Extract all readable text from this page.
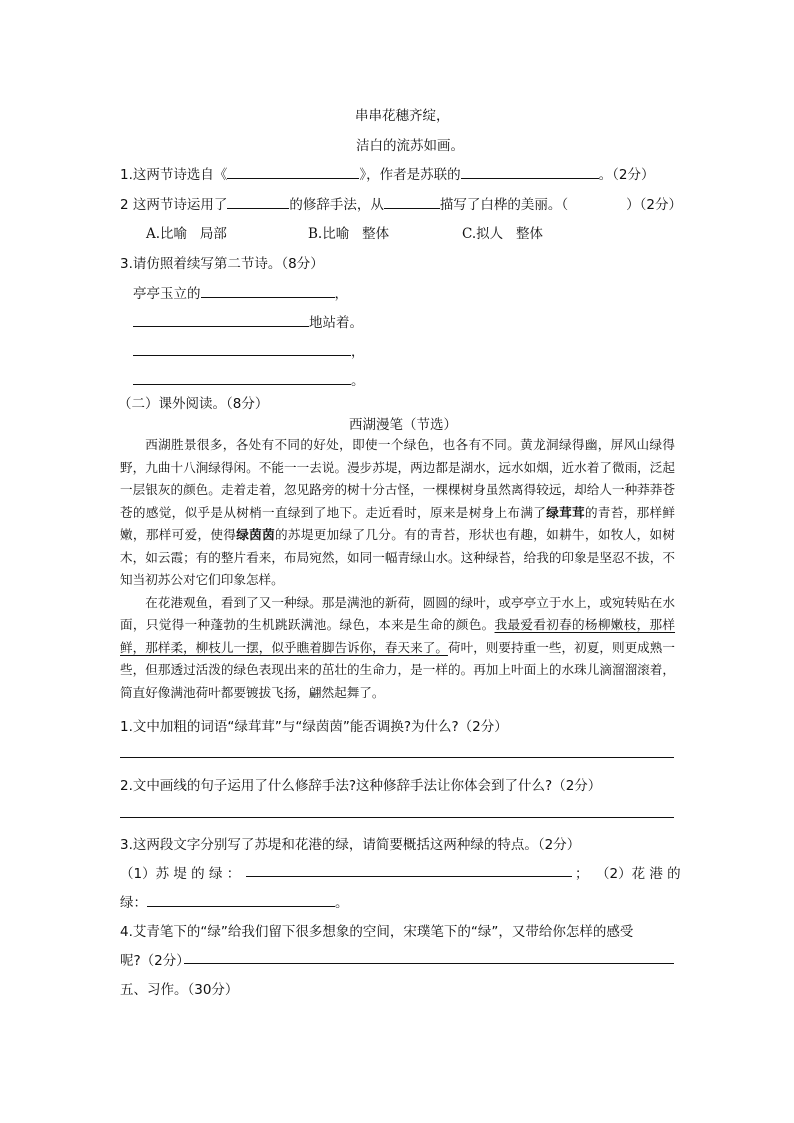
串串花穗齐绽，
洁白的流苏如画。
1.这两节诗选自《	》，作者是苏联的	。（2分）
2 这两节诗运用了	的修辞手法，从	描写了白桦的美丽。（	）（2分）
A.比喻   局部	B.比喻   整体	C.拟人   整体
3.请仿照着续写第二节诗。（8分）
亭亭玉立的	，
地站着。
，
。
（二）课外阅读。（8分）
西湖漫笔（节选）

西湖胜景很多，各处有不同的好处，即使一个绿色，也各有不同。黄龙洞绿得幽，屏风山绿得野，九曲十八涧绿得闲。不能一一去说。漫步苏堤，两边都是湖水，远水如烟，近水着了微雨，泛起一层银灰的颜色。走着走着，忽见路旁的树十分古怪，一棵棵树身虽然离得较远，却给人一种莽莽苍苍的感觉，似乎是从树梢一直绿到了地下。走近看时，原来是树身上布满了绿茸茸的青苔，那样鲜嫩，那样可爱，使得绿茵茵的苏堤更加绿了几分。有的青苔，形状也有趣，如耕牛，如牧人，如树木，如云霞；有的整片看来，布局宛然，如同一幅青绿山水。这种绿苔，给我的印象是坚忍不拔，不知当初苏公对它们印象怎样。

在花港观鱼，看到了又一种绿。那是满池的新荷，圆圆的绿叶，或亭亭立于水上，或宛转贴在水面，只觉得一种蓬勃的生机跳跃满池。绿色，本来是生命的颜色。我最爱看初春的杨柳嫩枝，那样鲜，那样柔，柳枝儿一摆，似乎瞧着脚告诉你，春天来了。荷叶，则要持重一些，初夏，则更成熟一些，但那透过活泼的绿色表现出来的茁壮的生命力，是一样的。再加上叶面上的水珠儿滴溜溜滚着，简直好像满池荷叶都要镀拔飞扬，翩然起舞了。

1.文中加粗的词语“绿茸茸”与“绿茵茵”能否调换?为什么?（2分）
2.文中画线的句子运用了什么修辞手法?这种修辞手法让你体会到了什么?（2分）
3.这两段文字分别写了苏堤和花港的绿，请简要概括这两种绿的特点。（2分）
（1）苏 堤 的 绿 ：	； （2）花 港 的
绿：	。
4.艾青笔下的“绿”给我们留下很多想象的空间，宋璞笔下的“绿”，又带给你怎样的感受
呢?（2分）
五、习作。（30分）
